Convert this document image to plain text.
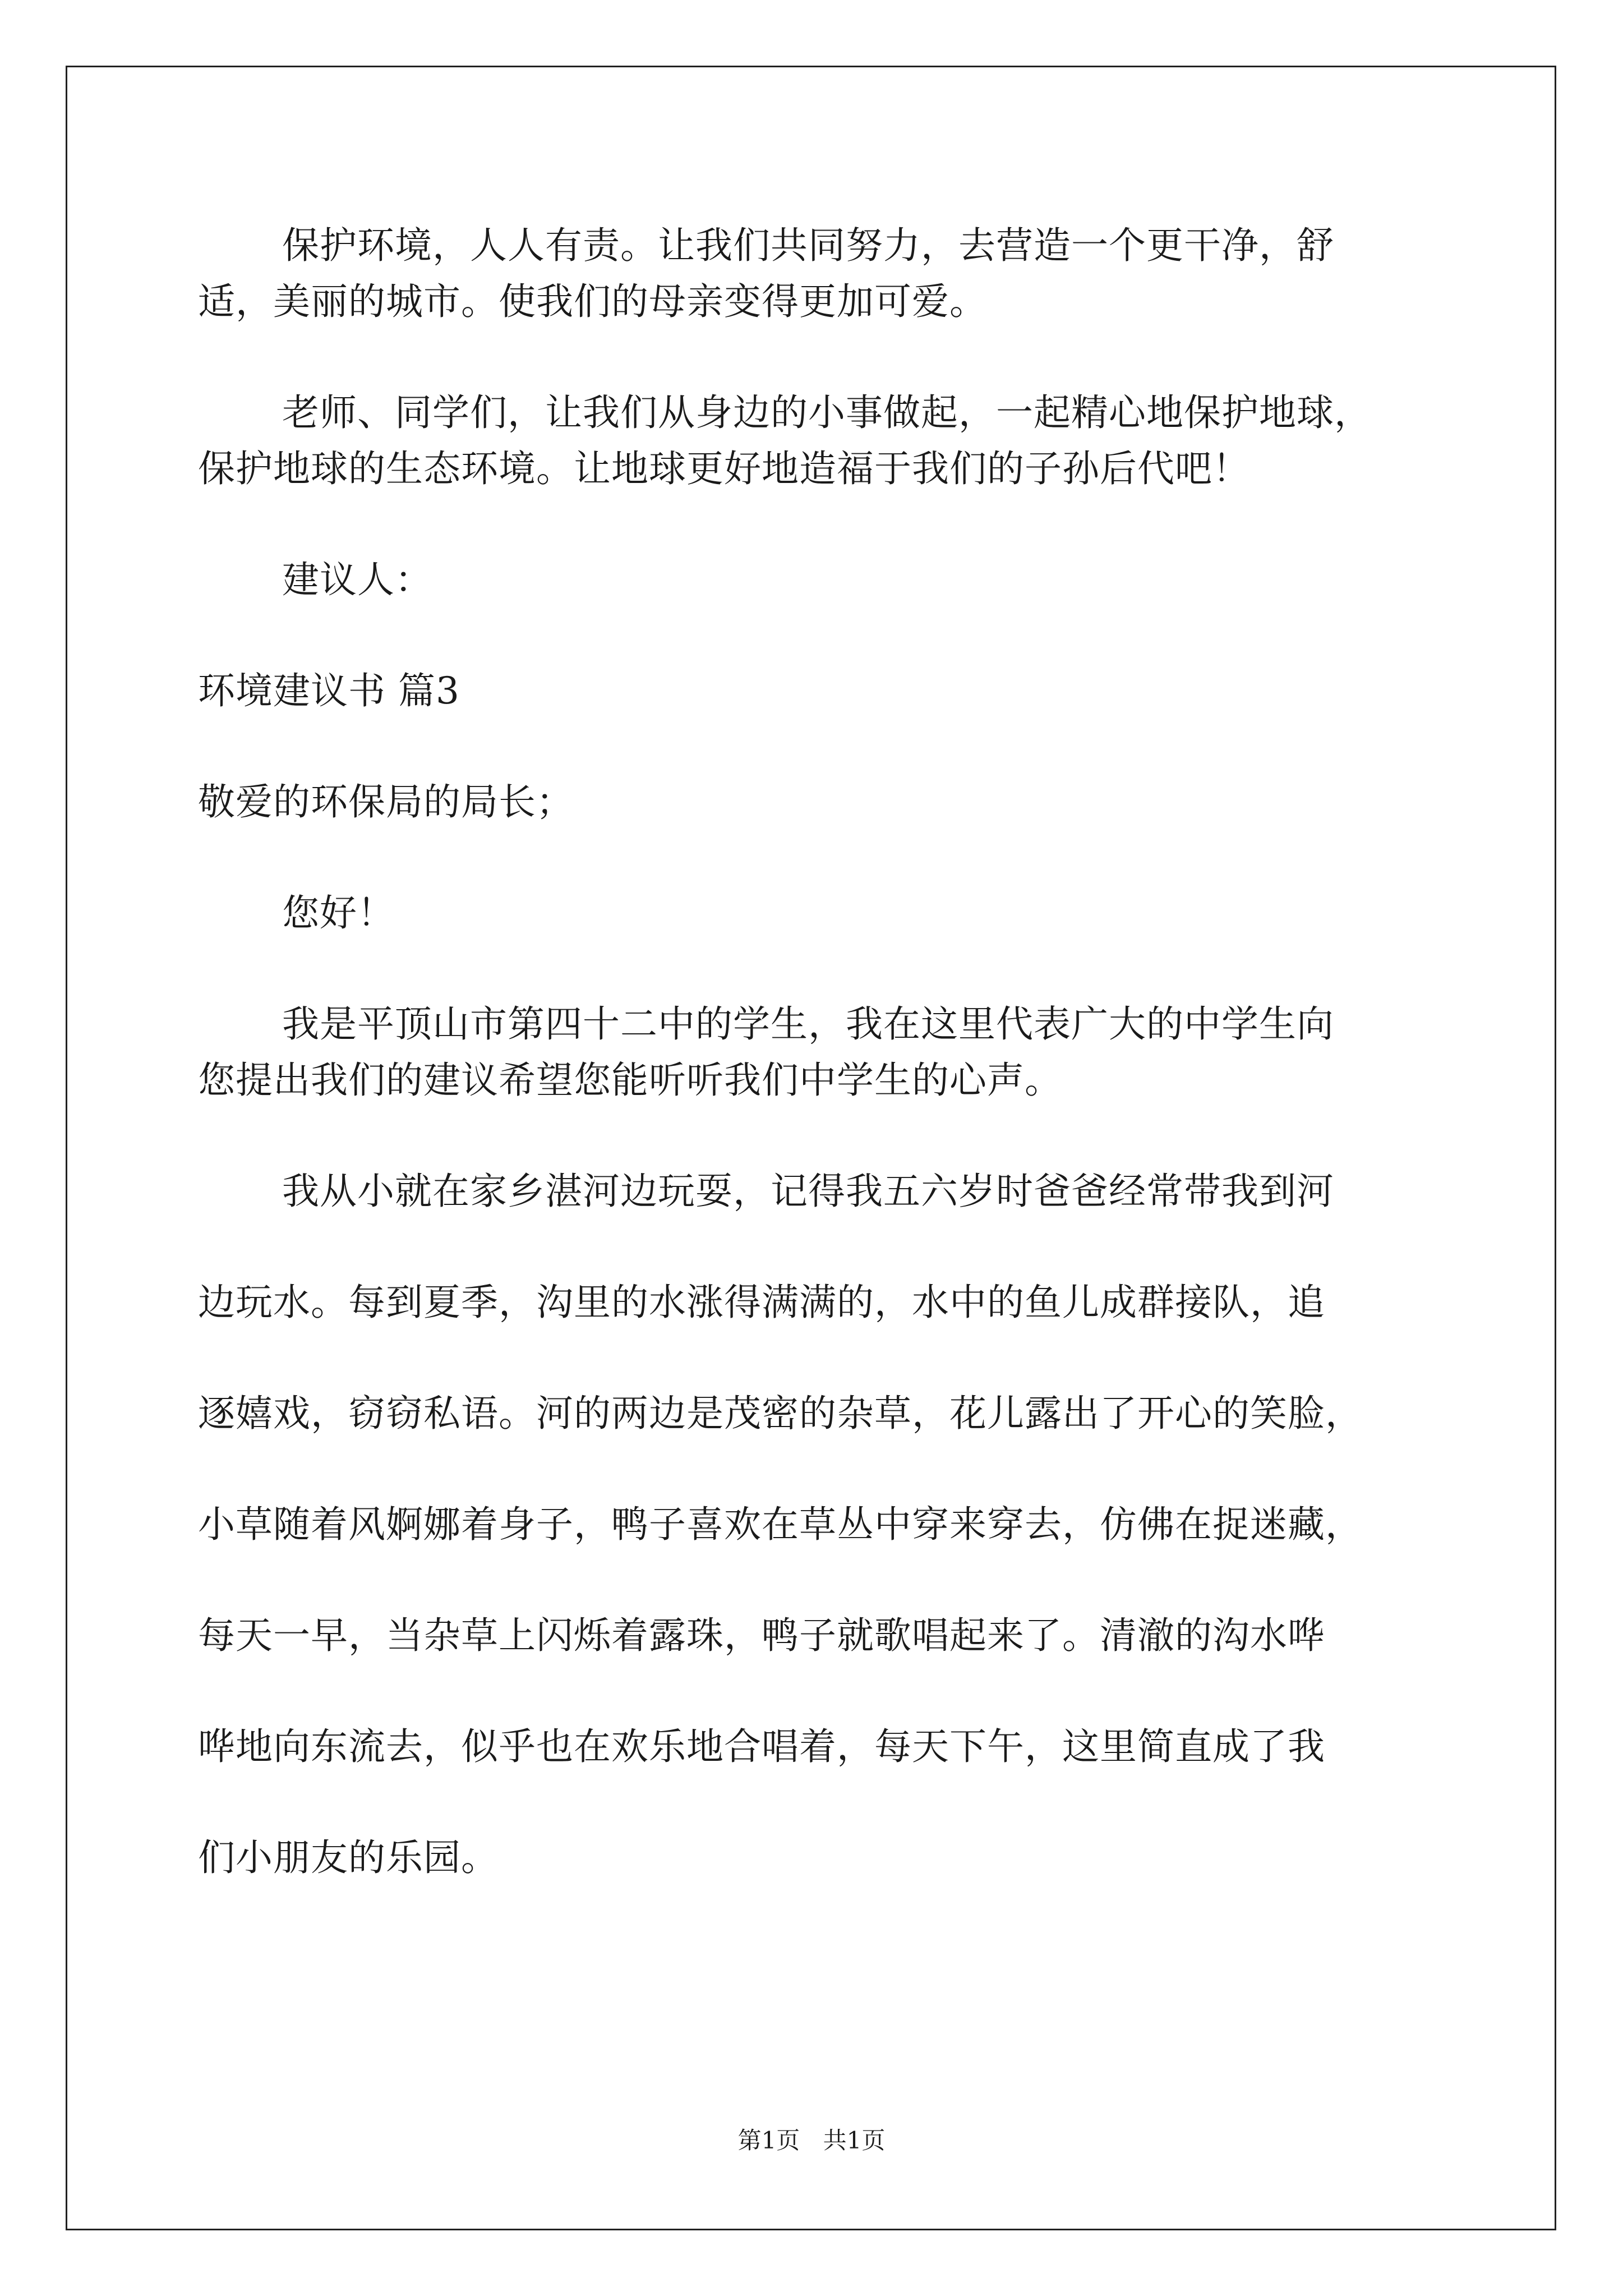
保护环境，人人有责。让我们共同努力，去营造一个更干净，舒
适，美丽的城市。使我们的母亲变得更加可爱。
老师、同学们，让我们从身边的小事做起，一起精心地保护地球，
保护地球的生态环境。让地球更好地造福于我们的子孙后代吧！
建议人：
环境建议书 篇3
敬爱的环保局的局长；
您好！
我是平顶山市第四十二中的学生，我在这里代表广大的中学生向
您提出我们的建议希望您能听听我们中学生的心声。
我从小就在家乡湛河边玩耍，记得我五六岁时爸爸经常带我到河
边玩水。每到夏季，沟里的水涨得满满的，水中的鱼儿成群接队，追
逐嬉戏，窃窃私语。河的两边是茂密的杂草，花儿露出了开心的笑脸，
小草随着风婀娜着身子，鸭子喜欢在草丛中穿来穿去，仿佛在捉迷藏，
每天一早，当杂草上闪烁着露珠，鸭子就歌唱起来了。清澈的沟水哗
哗地向东流去，似乎也在欢乐地合唱着，每天下午，这里简直成了我
们小朋友的乐园。
第1页 共1页
